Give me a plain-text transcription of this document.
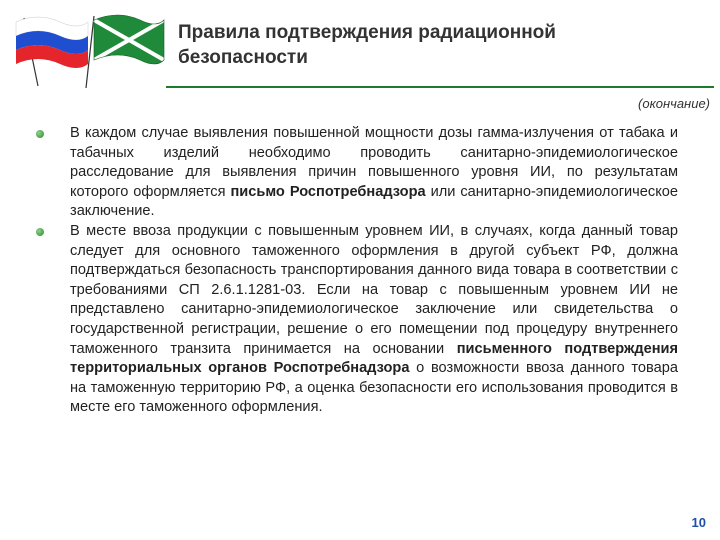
Правила подтверждения радиационной
безопасности
(окончание)
В каждом случае выявления повышенной мощности дозы гамма-излучения от табака и табачных изделий необходимо проводить санитарно-эпидемиологическое расследование для выявления причин повышенного уровня ИИ, по результатам которого оформляется письмо Роспотребнадзора или санитарно-эпидемиологическое заключение.
В месте ввоза продукции с повышенным уровнем ИИ, в случаях, когда данный товар следует для основного таможенного оформления в другой субъект РФ, должна подтверждаться безопасность транспортирования данного вида товара в соответствии с требованиями СП 2.6.1.1281-03. Если на товар с повышенным уровнем ИИ не представлено санитарно-эпидемиологическое заключение или свидетельства о государственной регистрации, решение о его помещении под процедуру внутреннего таможенного транзита принимается на основании письменного подтверждения территориальных органов Роспотребнадзора о возможности ввоза данного товара на таможенную территорию РФ, а оценка безопасности его использования проводится в месте его таможенного оформления.
10
